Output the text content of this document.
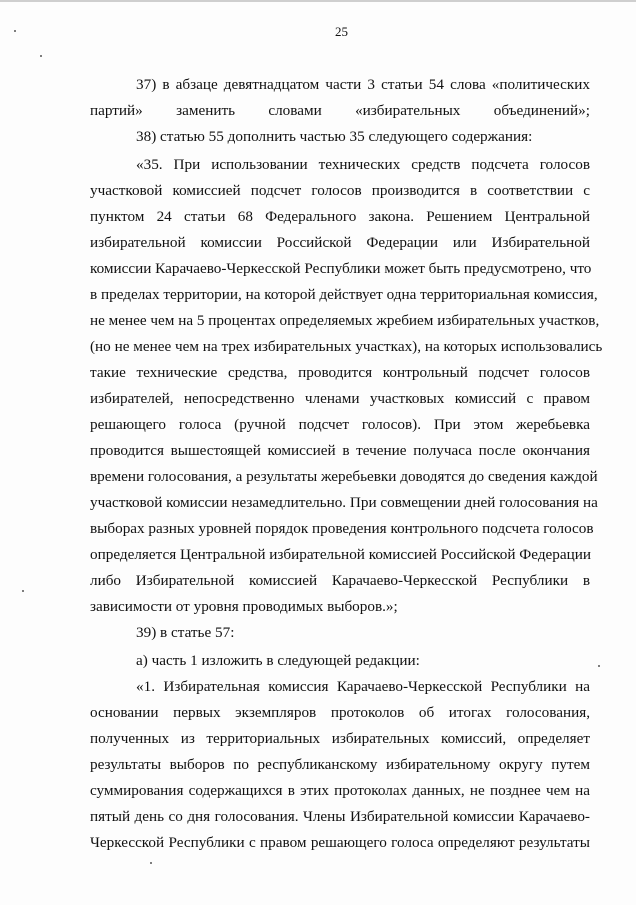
25
37) в абзаце девятнадцатом части 3 статьи 54 слова «политических
партий» заменить словами «избирательных объединений»;
38) статью 55 дополнить частью 35 следующего содержания:
«35. При использовании технических средств подсчета голосов
участковой комиссией подсчет голосов производится в соответствии с
пунктом 24 статьи 68 Федерального закона. Решением Центральной
избирательной комиссии Российской Федерации или Избирательной
комиссии Карачаево-Черкесской Республики может быть предусмотрено, что
в пределах территории, на которой действует одна территориальная комиссия,
не менее чем на 5 процентах определяемых жребием избирательных участков,
(но не менее чем на трех избирательных участках), на которых использовались
такие технические средства, проводится контрольный подсчет голосов
избирателей, непосредственно членами участковых комиссий с правом
решающего голоса (ручной подсчет голосов). При этом жеребьевка
проводится вышестоящей комиссией в течение получаса после окончания
времени голосования, а результаты жеребьевки доводятся до сведения каждой
участковой комиссии незамедлительно. При совмещении дней голосования на
выборах разных уровней порядок проведения контрольного подсчета голосов
определяется Центральной избирательной комиссией Российской Федерации
либо Избирательной комиссией Карачаево-Черкесской Республики в
зависимости от уровня проводимых выборов.»;
39) в статье 57:
а) часть 1 изложить в следующей редакции:
«1. Избирательная комиссия Карачаево-Черкесской Республики на
основании первых экземпляров протоколов об итогах голосования,
полученных из территориальных избирательных комиссий, определяет
результаты выборов по республиканскому избирательному округу путем
суммирования содержащихся в этих протоколах данных, не позднее чем на
пятый день со дня голосования. Члены Избирательной комиссии Карачаево-
Черкесской Республики с правом решающего голоса определяют результаты
